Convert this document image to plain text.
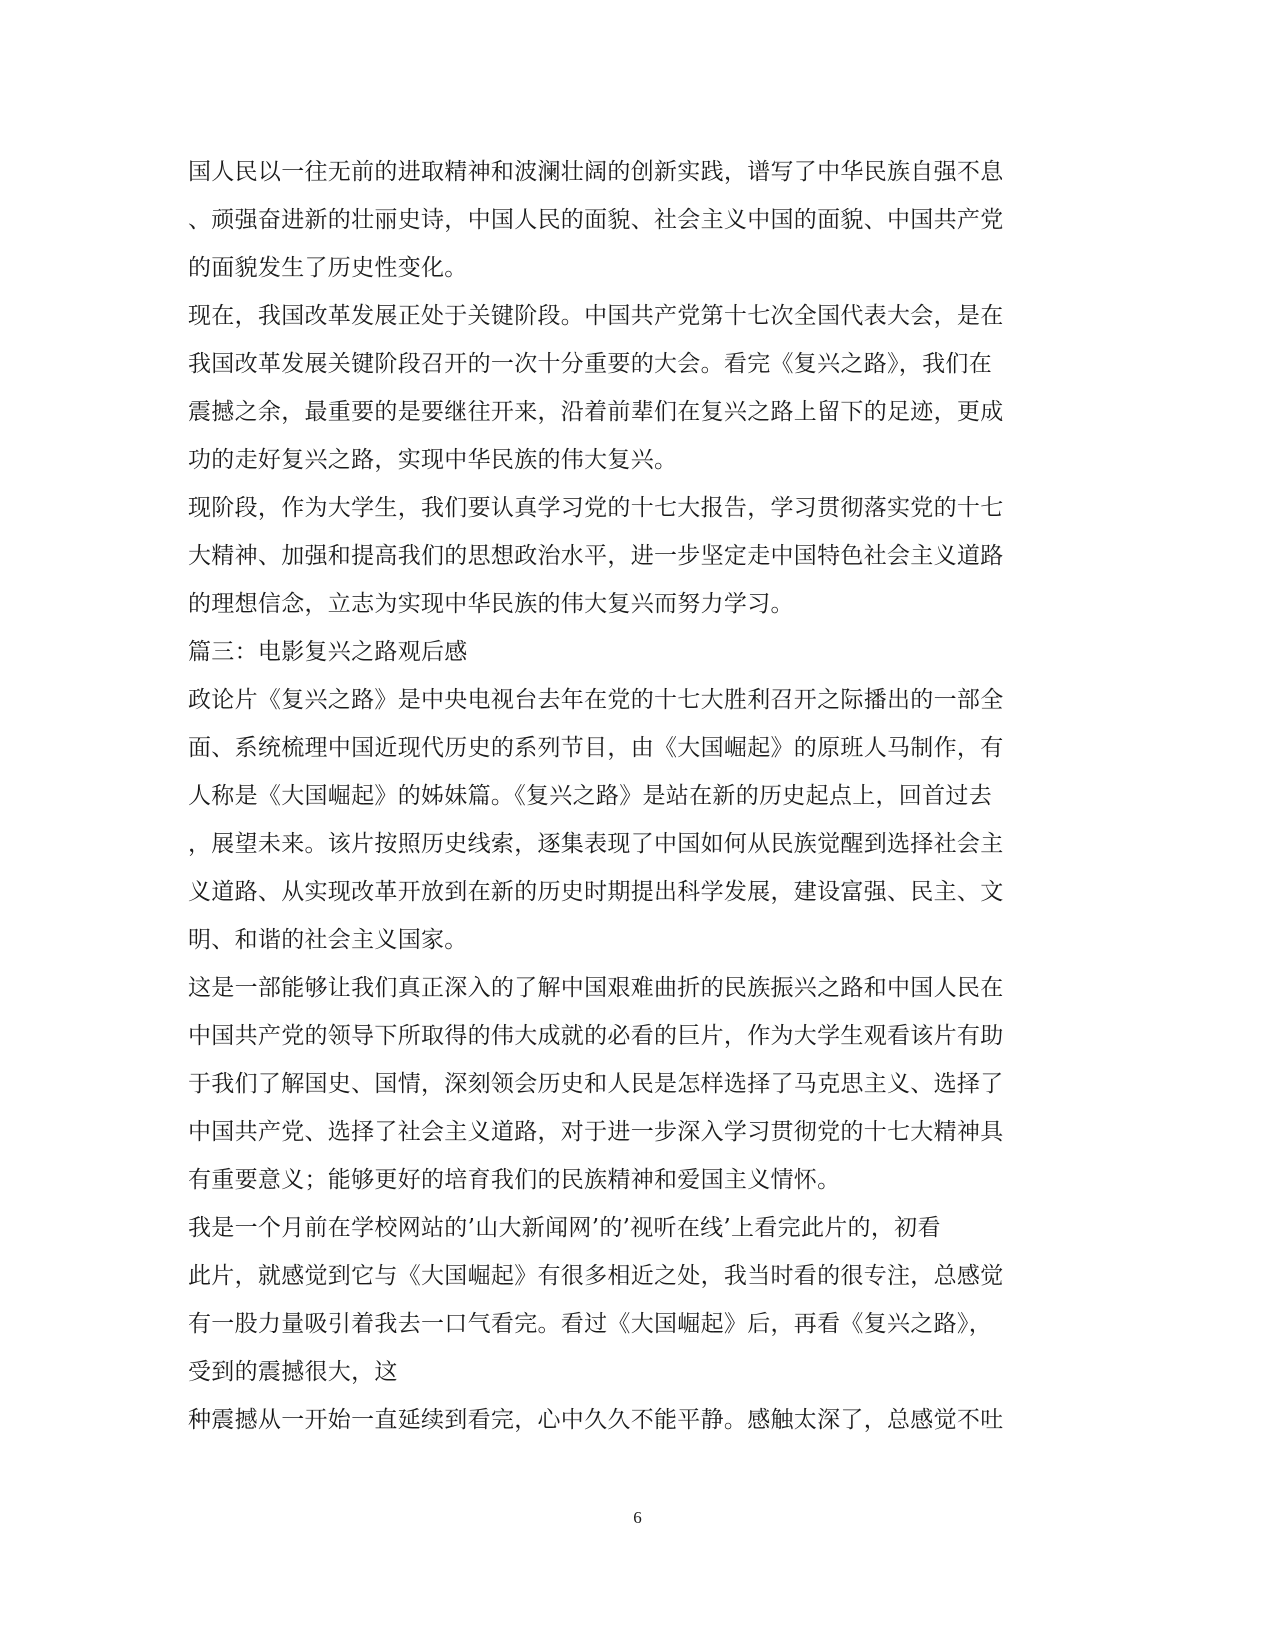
国人民以一往无前的进取精神和波澜壮阔的创新实践，谱写了中华民族自强不息
、顽强奋进新的壮丽史诗，中国人民的面貌、社会主义中国的面貌、中国共产党
的面貌发生了历史性变化。
现在，我国改革发展正处于关键阶段。中国共产党第十七次全国代表大会，是在
我国改革发展关键阶段召开的一次十分重要的大会。看完《复兴之路》，我们在
震撼之余，最重要的是要继往开来，沿着前辈们在复兴之路上留下的足迹，更成
功的走好复兴之路，实现中华民族的伟大复兴。
现阶段，作为大学生，我们要认真学习党的十七大报告，学习贯彻落实党的十七
大精神、加强和提高我们的思想政治水平，进一步坚定走中国特色社会主义道路
的理想信念，立志为实现中华民族的伟大复兴而努力学习。
篇三：电影复兴之路观后感
政论片《复兴之路》是中央电视台去年在党的十七大胜利召开之际播出的一部全
面、系统梳理中国近现代历史的系列节目，由《大国崛起》的原班人马制作，有
人称是《大国崛起》的姊妹篇。《复兴之路》是站在新的历史起点上，回首过去
，展望未来。该片按照历史线索，逐集表现了中国如何从民族觉醒到选择社会主
义道路、从实现改革开放到在新的历史时期提出科学发展，建设富强、民主、文
明、和谐的社会主义国家。
这是一部能够让我们真正深入的了解中国艰难曲折的民族振兴之路和中国人民在
中国共产党的领导下所取得的伟大成就的必看的巨片，作为大学生观看该片有助
于我们了解国史、国情，深刻领会历史和人民是怎样选择了马克思主义、选择了
中国共产党、选择了社会主义道路，对于进一步深入学习贯彻党的十七大精神具
有重要意义；能够更好的培育我们的民族精神和爱国主义情怀。
我是一个月前在学校网站的’山大新闻网’的’视听在线’上看完此片的，初看
此片，就感觉到它与《大国崛起》有很多相近之处，我当时看的很专注，总感觉
有一股力量吸引着我去一口气看完。看过《大国崛起》后，再看《复兴之路》，
受到的震撼很大，这
种震撼从一开始一直延续到看完，心中久久不能平静。感触太深了，总感觉不吐
6
